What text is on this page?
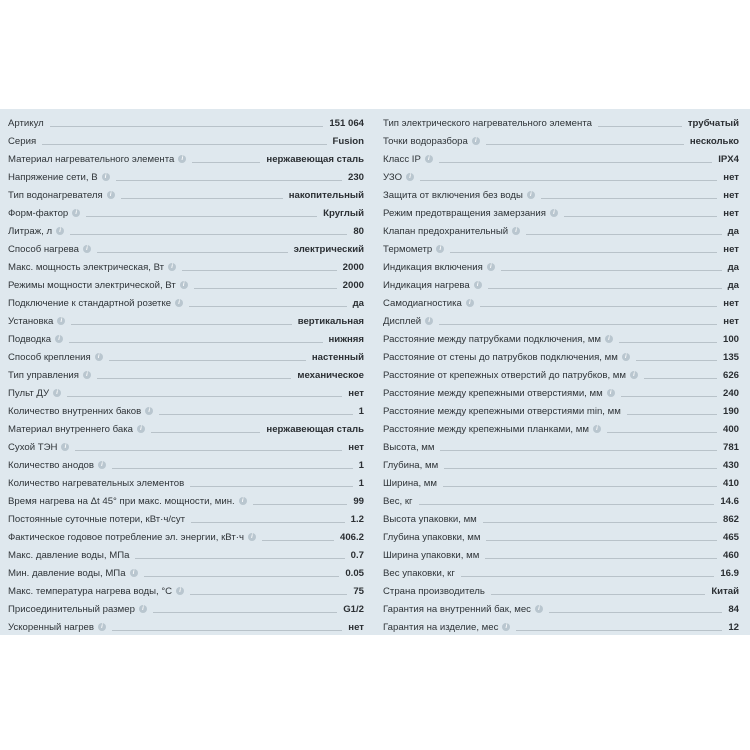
Артикул	151 064
Серия	Fusion
Материал нагревательного элемента	i	нержавеющая сталь
Напряжение сети, В	i	230
Тип водонагревателя	i	накопительный
Форм-фактор	i	Круглый
Литраж, л	i	80
Способ нагрева	i	электрический
Макс. мощность электрическая, Вт	i	2000
Режимы мощности электрической, Вт	i	2000
Подключение к стандартной розетке	i	да
Установка	i	вертикальная
Подводка	i	нижняя
Способ крепления	i	настенный
Тип управления	i	механическое
Пульт ДУ	i	нет
Количество внутренних баков	i	1
Материал внутреннего бака	i	нержавеющая сталь
Сухой ТЭН	i	нет
Количество анодов	i	1
Количество нагревательных элементов	1
Время нагрева на Δt 45° при макс. мощности, мин.	i	99
Постоянные суточные потери, кВт·ч/сут	1.2
Фактическое годовое потребление эл. энергии, кВт·ч	i	406.2
Макс. давление воды, МПа	0.7
Мин. давление воды, МПа	i	0.05
Макс. температура нагрева воды, °С	i	75
Присоединительный размер	i	G1/2
Ускоренный нагрев	i	нет
Тип электрического нагревательного элемента	трубчатый
Точки водоразбора	i	несколько
Класс IP	i	IPX4
УЗО	i	нет
Защита от включения без воды	i	нет
Режим предотвращения замерзания	i	нет
Клапан предохранительный	i	да
Термометр	i	нет
Индикация включения	i	да
Индикация нагрева	i	да
Самодиагностика	i	нет
Дисплей	i	нет
Расстояние между патрубками подключения, мм	i	100
Расстояние от стены до патрубков подключения, мм	i	135
Расстояние от крепежных отверстий до патрубков, мм	i	626
Расстояние между крепежными отверстиями, мм	i	240
Расстояние между крепежными отверстиями min, мм	190
Расстояние между крепежными планками, мм	i	400
Высота, мм	781
Глубина, мм	430
Ширина, мм	410
Вес, кг	14.6
Высота упаковки, мм	862
Глубина упаковки, мм	465
Ширина упаковки, мм	460
Вес упаковки, кг	16.9
Страна производитель	Китай
Гарантия на внутренний бак, мес	i	84
Гарантия на изделие, мес	i	12
